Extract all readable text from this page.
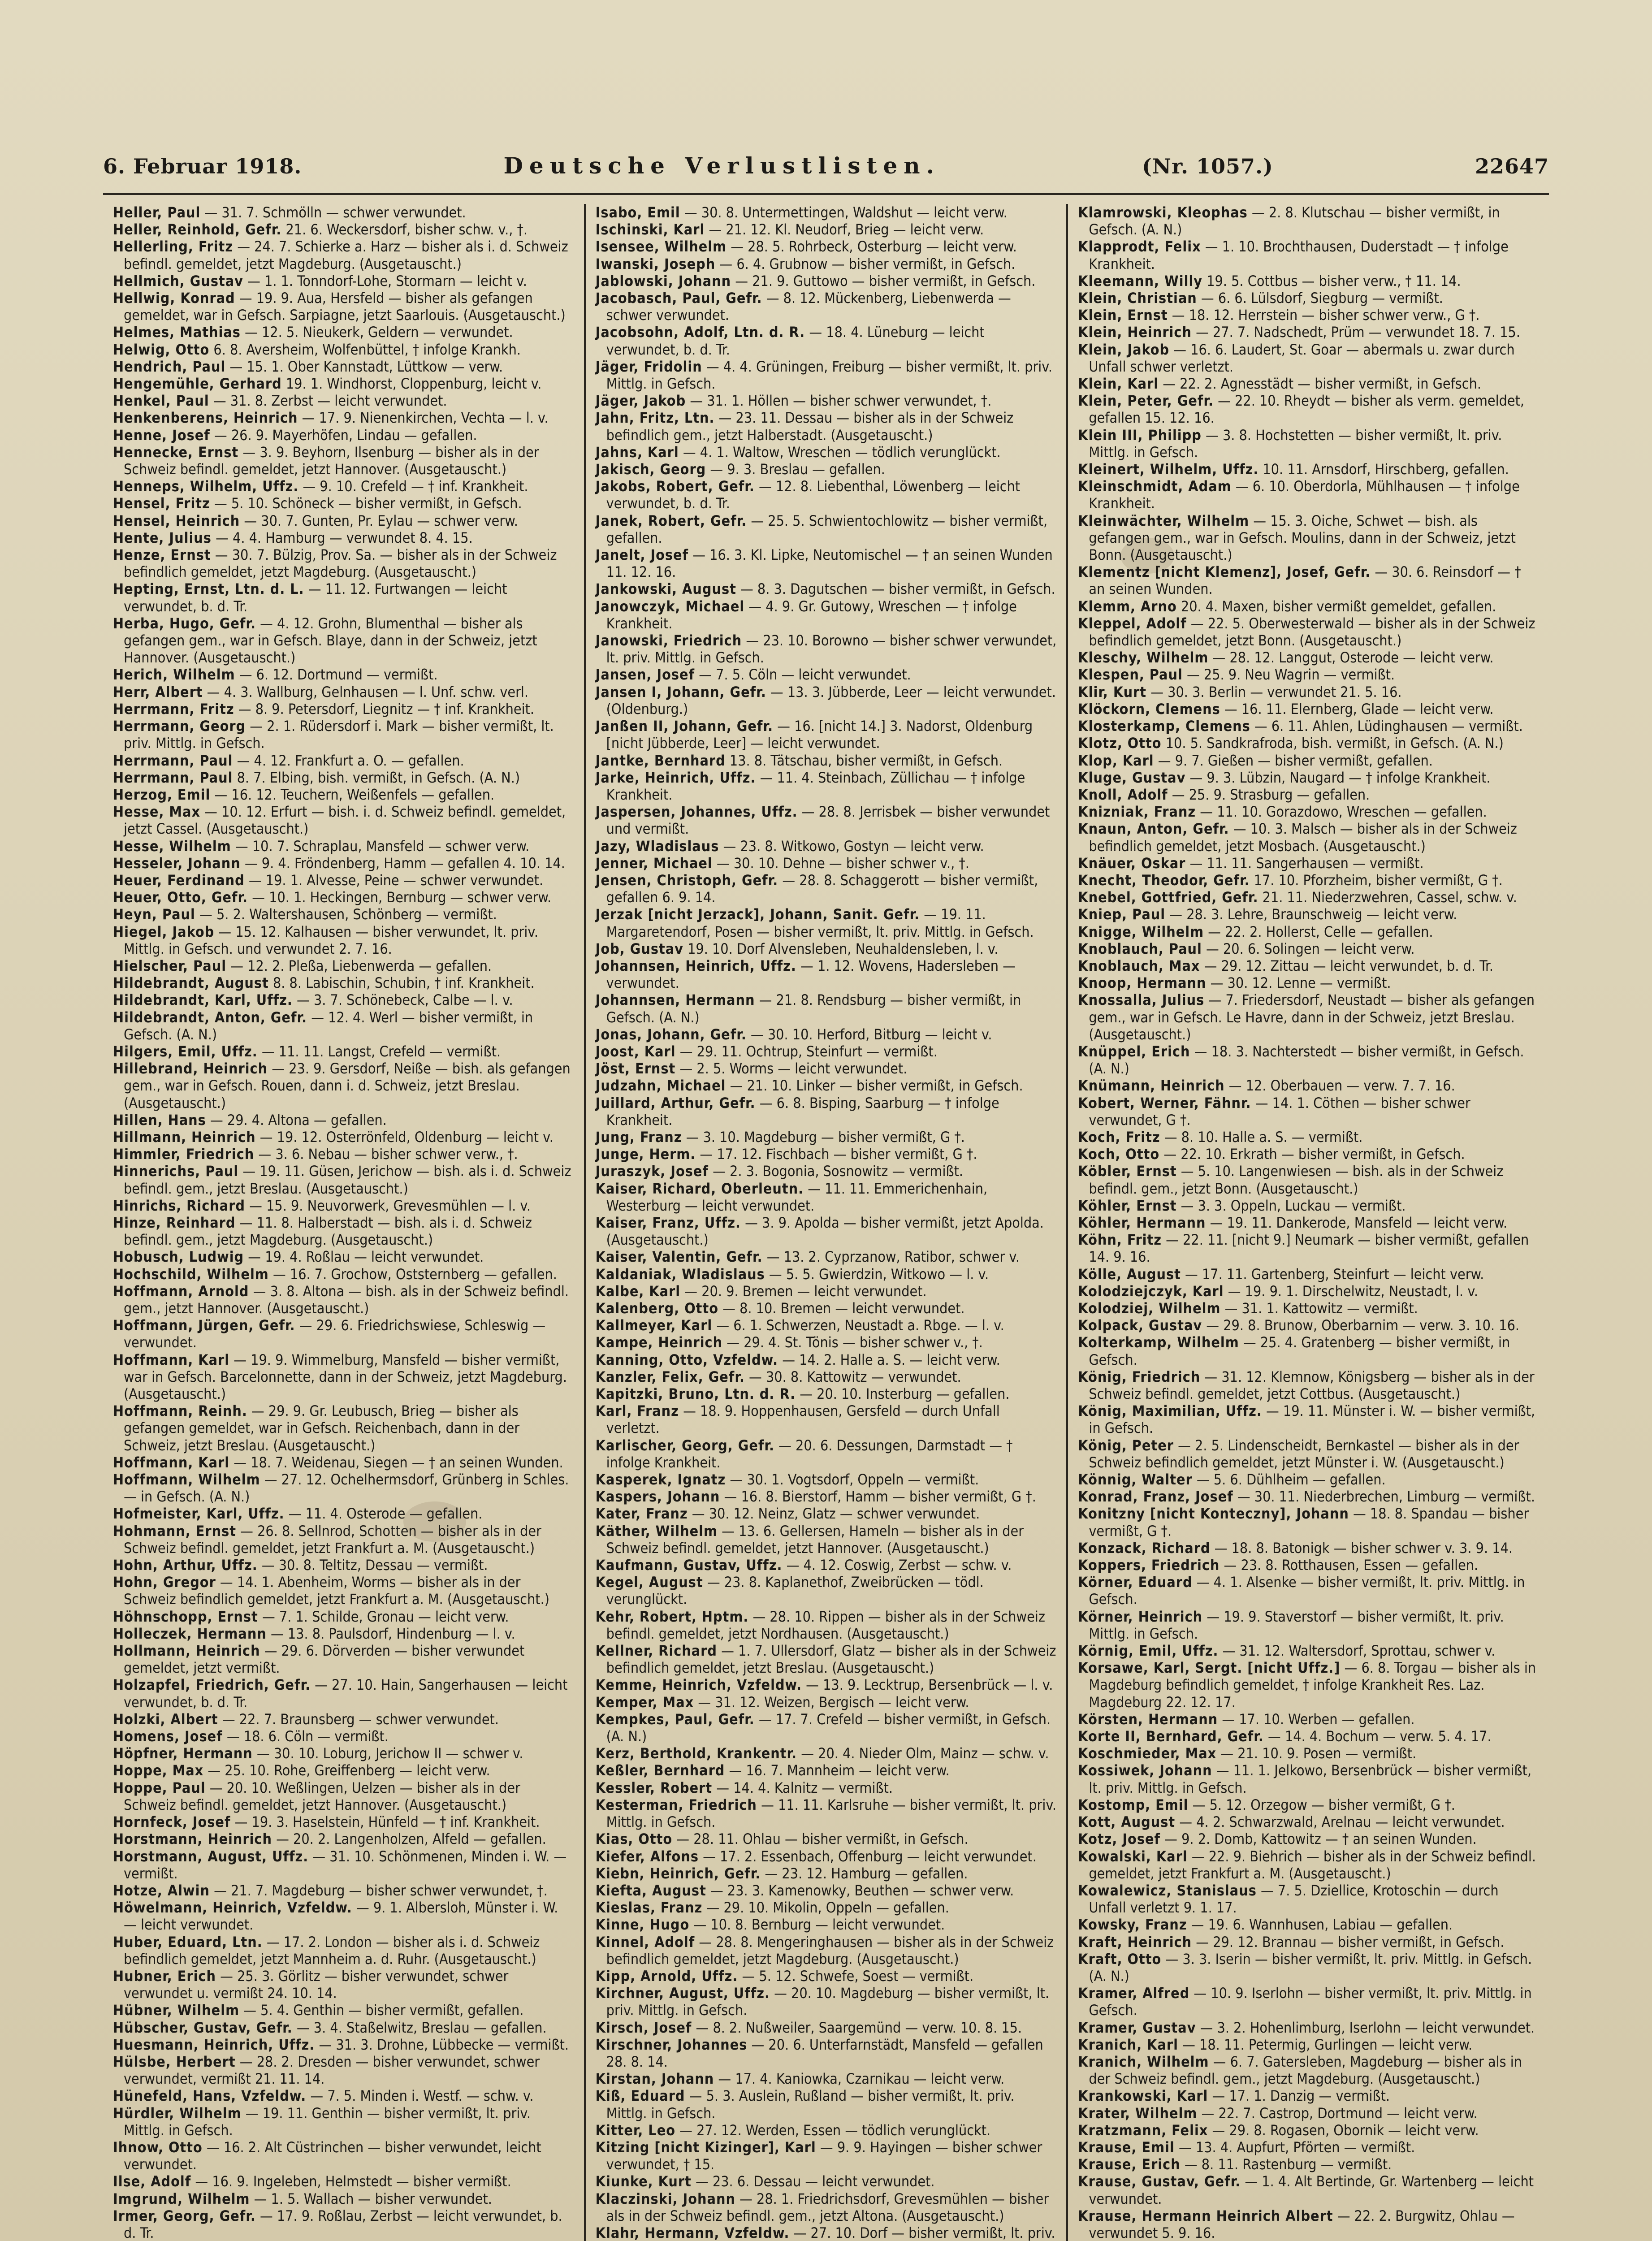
6. Februar 1918.	Deutsche Verlustlisten.	(Nr. 1057.)	22647

Heller, Paul — 31. 7. Schmölln — schwer verwundet.

Heller, Reinhold, Gefr. 21. 6. Weckersdorf, bisher schw. v., †.

Hellerling, Fritz — 24. 7. Schierke a. Harz — bisher als i. d. Schweiz befindl. gemeldet, jetzt Magdeburg. (Ausgetauscht.)

Hellmich, Gustav — 1. 1. Tonndorf-Lohe, Stormarn — leicht v.

Hellwig, Konrad — 19. 9. Aua, Hersfeld — bisher als gefangen gemeldet, war in Gefsch. Sarpiagne, jetzt Saarlouis. (Ausgetauscht.)

Helmes, Mathias — 12. 5. Nieukerk, Geldern — verwundet.

Helwig, Otto 6. 8. Aversheim, Wolfenbüttel, † infolge Krankh.

Hendrich, Paul — 15. 1. Ober Kannstadt, Lüttkow — verw.

Hengemühle, Gerhard 19. 1. Windhorst, Cloppenburg, leicht v.

Henkel, Paul — 31. 8. Zerbst — leicht verwundet.

Henkenberens, Heinrich — 17. 9. Nienenkirchen, Vechta — l. v.

Henne, Josef — 26. 9. Mayerhöfen, Lindau — gefallen.

Hennecke, Ernst — 3. 9. Beyhorn, Ilsenburg — bisher als in der Schweiz befindl. gemeldet, jetzt Hannover. (Ausgetauscht.)

Henneps, Wilhelm, Uffz. — 9. 10. Crefeld — † inf. Krankheit.

Hensel, Fritz — 5. 10. Schöneck — bisher vermißt, in Gefsch.

Hensel, Heinrich — 30. 7. Gunten, Pr. Eylau — schwer verw.

Hente, Julius — 4. 4. Hamburg — verwundet 8. 4. 15.

Henze, Ernst — 30. 7. Bülzig, Prov. Sa. — bisher als in der Schweiz befindlich gemeldet, jetzt Magdeburg. (Ausgetauscht.)

Hepting, Ernst, Ltn. d. L. — 11. 12. Furtwangen — leicht verwundet, b. d. Tr.

Herba, Hugo, Gefr. — 4. 12. Grohn, Blumenthal — bisher als gefangen gem., war in Gefsch. Blaye, dann in der Schweiz, jetzt Hannover. (Ausgetauscht.)

Herich, Wilhelm — 6. 12. Dortmund — vermißt.

Herr, Albert — 4. 3. Wallburg, Gelnhausen — l. Unf. schw. verl.

Herrmann, Fritz — 8. 9. Petersdorf, Liegnitz — † inf. Krankheit.

Herrmann, Georg — 2. 1. Rüdersdorf i. Mark — bisher vermißt, lt. priv. Mittlg. in Gefsch.

Herrmann, Paul — 4. 12. Frankfurt a. O. — gefallen.

Herrmann, Paul 8. 7. Elbing, bish. vermißt, in Gefsch. (A. N.)

Herzog, Emil — 16. 12. Teuchern, Weißenfels — gefallen.

Hesse, Max — 10. 12. Erfurt — bish. i. d. Schweiz befindl. gemeldet, jetzt Cassel. (Ausgetauscht.)

Hesse, Wilhelm — 10. 7. Schraplau, Mansfeld — schwer verw.

Hesseler, Johann — 9. 4. Fröndenberg, Hamm — gefallen 4. 10. 14.

Heuer, Ferdinand — 19. 1. Alvesse, Peine — schwer verwundet.

Heuer, Otto, Gefr. — 10. 1. Heckingen, Bernburg — schwer verw.

Heyn, Paul — 5. 2. Waltershausen, Schönberg — vermißt.

Hiegel, Jakob — 15. 12. Kalhausen — bisher verwundet, lt. priv. Mittlg. in Gefsch. und verwundet 2. 7. 16.

Hielscher, Paul — 12. 2. Pleßa, Liebenwerda — gefallen.

Hildebrandt, August 8. 8. Labischin, Schubin, † inf. Krankheit.

Hildebrandt, Karl, Uffz. — 3. 7. Schönebeck, Calbe — l. v.

Hildebrandt, Anton, Gefr. — 12. 4. Werl — bisher vermißt, in Gefsch. (A. N.)

Hilgers, Emil, Uffz. — 11. 11. Langst, Crefeld — vermißt.

Hillebrand, Heinrich — 23. 9. Gersdorf, Neiße — bish. als gefangen gem., war in Gefsch. Rouen, dann i. d. Schweiz, jetzt Breslau. (Ausgetauscht.)

Hillen, Hans — 29. 4. Altona — gefallen.

Hillmann, Heinrich — 19. 12. Osterrönfeld, Oldenburg — leicht v.

Himmler, Friedrich — 3. 6. Nebau — bisher schwer verw., †.

Hinnerichs, Paul — 19. 11. Güsen, Jerichow — bish. als i. d. Schweiz befindl. gem., jetzt Breslau. (Ausgetauscht.)

Hinrichs, Richard — 15. 9. Neuvorwerk, Grevesmühlen — l. v.

Hinze, Reinhard — 11. 8. Halberstadt — bish. als i. d. Schweiz befindl. gem., jetzt Magdeburg. (Ausgetauscht.)

Hobusch, Ludwig — 19. 4. Roßlau — leicht verwundet.

Hochschild, Wilhelm — 16. 7. Grochow, Oststernberg — gefallen.

Hoffmann, Arnold — 3. 8. Altona — bish. als in der Schweiz befindl. gem., jetzt Hannover. (Ausgetauscht.)

Hoffmann, Jürgen, Gefr. — 29. 6. Friedrichswiese, Schleswig — verwundet.

Hoffmann, Karl — 19. 9. Wimmelburg, Mansfeld — bisher vermißt, war in Gefsch. Barcelonnette, dann in der Schweiz, jetzt Magdeburg. (Ausgetauscht.)

Hoffmann, Reinh. — 29. 9. Gr. Leubusch, Brieg — bisher als gefangen gemeldet, war in Gefsch. Reichenbach, dann in der Schweiz, jetzt Breslau. (Ausgetauscht.)

Hoffmann, Karl — 18. 7. Weidenau, Siegen — † an seinen Wunden.

Hoffmann, Wilhelm — 27. 12. Ochelhermsdorf, Grünberg in Schles. — in Gefsch. (A. N.)

Hofmeister, Karl, Uffz. — 11. 4. Osterode — gefallen.

Hohmann, Ernst — 26. 8. Sellnrod, Schotten — bisher als in der Schweiz befindl. gemeldet, jetzt Frankfurt a. M. (Ausgetauscht.)

Hohn, Arthur, Uffz. — 30. 8. Teltitz, Dessau — vermißt.

Hohn, Gregor — 14. 1. Abenheim, Worms — bisher als in der Schweiz befindlich gemeldet, jetzt Frankfurt a. M. (Ausgetauscht.)

Höhnschopp, Ernst — 7. 1. Schilde, Gronau — leicht verw.

Holleczek, Hermann — 13. 8. Paulsdorf, Hindenburg — l. v.

Hollmann, Heinrich — 29. 6. Dörverden — bisher verwundet gemeldet, jetzt vermißt.

Holzapfel, Friedrich, Gefr. — 27. 10. Hain, Sangerhausen — leicht verwundet, b. d. Tr.

Holzki, Albert — 22. 7. Braunsberg — schwer verwundet.

Homens, Josef — 18. 6. Cöln — vermißt.

Höpfner, Hermann — 30. 10. Loburg, Jerichow II — schwer v.

Hoppe, Max — 25. 10. Rohe, Greiffenberg — leicht verw.

Hoppe, Paul — 20. 10. Weßlingen, Uelzen — bisher als in der Schweiz befindl. gemeldet, jetzt Hannover. (Ausgetauscht.)

Hornfeck, Josef — 19. 3. Haselstein, Hünfeld — † inf. Krankheit.

Horstmann, Heinrich — 20. 2. Langenholzen, Alfeld — gefallen.

Horstmann, August, Uffz. — 31. 10. Schönmenen, Minden i. W. — vermißt.

Hotze, Alwin — 21. 7. Magdeburg — bisher schwer verwundet, †.

Höwelmann, Heinrich, Vzfeldw. — 9. 1. Albersloh, Münster i. W. — leicht verwundet.

Huber, Eduard, Ltn. — 17. 2. London — bisher als i. d. Schweiz befindlich gemeldet, jetzt Mannheim a. d. Ruhr. (Ausgetauscht.)

Hubner, Erich — 25. 3. Görlitz — bisher verwundet, schwer verwundet u. vermißt 24. 10. 14.

Hübner, Wilhelm — 5. 4. Genthin — bisher vermißt, gefallen.

Hübscher, Gustav, Gefr. — 3. 4. Staßelwitz, Breslau — gefallen.

Huesmann, Heinrich, Uffz. — 31. 3. Drohne, Lübbecke — vermißt.

Hülsbe, Herbert — 28. 2. Dresden — bisher verwundet, schwer verwundet, vermißt 21. 11. 14.

Hünefeld, Hans, Vzfeldw. — 7. 5. Minden i. Westf. — schw. v.

Hürdler, Wilhelm — 19. 11. Genthin — bisher vermißt, lt. priv. Mittlg. in Gefsch.

Ihnow, Otto — 16. 2. Alt Cüstrinchen — bisher verwundet, leicht verwundet.

Ilse, Adolf — 16. 9. Ingeleben, Helmstedt — bisher vermißt.

Imgrund, Wilhelm — 1. 5. Wallach — bisher verwundet.

Irmer, Georg, Gefr. — 17. 9. Roßlau, Zerbst — leicht verwundet, b. d. Tr.

Isabo, Emil — 30. 8. Untermettingen, Waldshut — leicht verw.

Ischinski, Karl — 21. 12. Kl. Neudorf, Brieg — leicht verw.

Isensee, Wilhelm — 28. 5. Rohrbeck, Osterburg — leicht verw.

Iwanski, Joseph — 6. 4. Grubnow — bisher vermißt, in Gefsch.

Jablowski, Johann — 21. 9. Guttowo — bisher vermißt, in Gefsch.

Jacobasch, Paul, Gefr. — 8. 12. Mückenberg, Liebenwerda — schwer verwundet.

Jacobsohn, Adolf, Ltn. d. R. — 18. 4. Lüneburg — leicht verwundet, b. d. Tr.

Jäger, Fridolin — 4. 4. Grüningen, Freiburg — bisher vermißt, lt. priv. Mittlg. in Gefsch.

Jäger, Jakob — 31. 1. Höllen — bisher schwer verwundet, †.

Jahn, Fritz, Ltn. — 23. 11. Dessau — bisher als in der Schweiz befindlich gem., jetzt Halberstadt. (Ausgetauscht.)

Jahns, Karl — 4. 1. Waltow, Wreschen — tödlich verunglückt.

Jakisch, Georg — 9. 3. Breslau — gefallen.

Jakobs, Robert, Gefr. — 12. 8. Liebenthal, Löwenberg — leicht verwundet, b. d. Tr.

Janek, Robert, Gefr. — 25. 5. Schwientochlowitz — bisher vermißt, gefallen.

Janelt, Josef — 16. 3. Kl. Lipke, Neutomischel — † an seinen Wunden 11. 12. 16.

Jankowski, August — 8. 3. Dagutschen — bisher vermißt, in Gefsch.

Janowczyk, Michael — 4. 9. Gr. Gutowy, Wreschen — † infolge Krankheit.

Janowski, Friedrich — 23. 10. Borowno — bisher schwer verwundet, lt. priv. Mittlg. in Gefsch.

Jansen, Josef — 7. 5. Cöln — leicht verwundet.

Jansen I, Johann, Gefr. — 13. 3. Jübberde, Leer — leicht verwundet. (Oldenburg.)

Janßen II, Johann, Gefr. — 16. [nicht 14.] 3. Nadorst, Oldenburg [nicht Jübberde, Leer] — leicht verwundet.

Jantke, Bernhard 13. 8. Tätschau, bisher vermißt, in Gefsch.

Jarke, Heinrich, Uffz. — 11. 4. Steinbach, Züllichau — † infolge Krankheit.

Jaspersen, Johannes, Uffz. — 28. 8. Jerrisbek — bisher verwundet und vermißt.

Jazy, Wladislaus — 23. 8. Witkowo, Gostyn — leicht verw.

Jenner, Michael — 30. 10. Dehne — bisher schwer v., †.

Jensen, Christoph, Gefr. — 28. 8. Schaggerott — bisher vermißt, gefallen 6. 9. 14.

Jerzak [nicht Jerzack], Johann, Sanit. Gefr. — 19. 11. Margaretendorf, Posen — bisher vermißt, lt. priv. Mittlg. in Gefsch.

Job, Gustav 19. 10. Dorf Alvensleben, Neuhaldensleben, l. v.

Johannsen, Heinrich, Uffz. — 1. 12. Wovens, Hadersleben — verwundet.

Johannsen, Hermann — 21. 8. Rendsburg — bisher vermißt, in Gefsch. (A. N.)

Jonas, Johann, Gefr. — 30. 10. Herford, Bitburg — leicht v.

Joost, Karl — 29. 11. Ochtrup, Steinfurt — vermißt.

Jöst, Ernst — 2. 5. Worms — leicht verwundet.

Judzahn, Michael — 21. 10. Linker — bisher vermißt, in Gefsch.

Juillard, Arthur, Gefr. — 6. 8. Bisping, Saarburg — † infolge Krankheit.

Jung, Franz — 3. 10. Magdeburg — bisher vermißt, G †.

Junge, Herm. — 17. 12. Fischbach — bisher vermißt, G †.

Juraszyk, Josef — 2. 3. Bogonia, Sosnowitz — vermißt.

Kaiser, Richard, Oberleutn. — 11. 11. Emmerichenhain, Westerburg — leicht verwundet.

Kaiser, Franz, Uffz. — 3. 9. Apolda — bisher vermißt, jetzt Apolda. (Ausgetauscht.)

Kaiser, Valentin, Gefr. — 13. 2. Cyprzanow, Ratibor, schwer v.

Kaldaniak, Wladislaus — 5. 5. Gwierdzin, Witkowo — l. v.

Kalbe, Karl — 20. 9. Bremen — leicht verwundet.

Kalenberg, Otto — 8. 10. Bremen — leicht verwundet.

Kallmeyer, Karl — 6. 1. Schwerzen, Neustadt a. Rbge. — l. v.

Kampe, Heinrich — 29. 4. St. Tönis — bisher schwer v., †.

Kanning, Otto, Vzfeldw. — 14. 2. Halle a. S. — leicht verw.

Kanzler, Felix, Gefr. — 30. 8. Kattowitz — verwundet.

Kapitzki, Bruno, Ltn. d. R. — 20. 10. Insterburg — gefallen.

Karl, Franz — 18. 9. Hoppenhausen, Gersfeld — durch Unfall verletzt.

Karlischer, Georg, Gefr. — 20. 6. Dessungen, Darmstadt — † infolge Krankheit.

Kasperek, Ignatz — 30. 1. Vogtsdorf, Oppeln — vermißt.

Kaspers, Johann — 16. 8. Bierstorf, Hamm — bisher vermißt, G †.

Kater, Franz — 30. 12. Neinz, Glatz — schwer verwundet.

Käther, Wilhelm — 13. 6. Gellersen, Hameln — bisher als in der Schweiz befindl. gemeldet, jetzt Hannover. (Ausgetauscht.)

Kaufmann, Gustav, Uffz. — 4. 12. Coswig, Zerbst — schw. v.

Kegel, August — 23. 8. Kaplanethof, Zweibrücken — tödl. verunglückt.

Kehr, Robert, Hptm. — 28. 10. Rippen — bisher als in der Schweiz befindl. gemeldet, jetzt Nordhausen. (Ausgetauscht.)

Kellner, Richard — 1. 7. Ullersdorf, Glatz — bisher als in der Schweiz befindlich gemeldet, jetzt Breslau. (Ausgetauscht.)

Kemme, Heinrich, Vzfeldw. — 13. 9. Lecktrup, Bersenbrück — l. v.

Kemper, Max — 31. 12. Weizen, Bergisch — leicht verw.

Kempkes, Paul, Gefr. — 17. 7. Crefeld — bisher vermißt, in Gefsch. (A. N.)

Kerz, Berthold, Krankentr. — 20. 4. Nieder Olm, Mainz — schw. v.

Keßler, Bernhard — 16. 7. Mannheim — leicht verw.

Kessler, Robert — 14. 4. Kalnitz — vermißt.

Kesterman, Friedrich — 11. 11. Karlsruhe — bisher vermißt, lt. priv. Mittlg. in Gefsch.

Kias, Otto — 28. 11. Ohlau — bisher vermißt, in Gefsch.

Kiefer, Alfons — 17. 2. Essenbach, Offenburg — leicht verwundet.

Kiebn, Heinrich, Gefr. — 23. 12. Hamburg — gefallen.

Kiefta, August — 23. 3. Kamenowky, Beuthen — schwer verw.

Kieslas, Franz — 29. 10. Mikolin, Oppeln — gefallen.

Kinne, Hugo — 10. 8. Bernburg — leicht verwundet.

Kinnel, Adolf — 28. 8. Mengeringhausen — bisher als in der Schweiz befindlich gemeldet, jetzt Magdeburg. (Ausgetauscht.)

Kipp, Arnold, Uffz. — 5. 12. Schwefe, Soest — vermißt.

Kirchner, August, Uffz. — 20. 10. Magdeburg — bisher vermißt, lt. priv. Mittlg. in Gefsch.

Kirsch, Josef — 8. 2. Nußweiler, Saargemünd — verw. 10. 8. 15.

Kirschner, Johannes — 20. 6. Unterfarnstädt, Mansfeld — gefallen 28. 8. 14.

Kirstan, Johann — 17. 4. Kaniowka, Czarnikau — leicht verw.

Kiß, Eduard — 5. 3. Auslein, Rußland — bisher vermißt, lt. priv. Mittlg. in Gefsch.

Kitter, Leo — 27. 12. Werden, Essen — tödlich verunglückt.

Kitzing [nicht Kizinger], Karl — 9. 9. Hayingen — bisher schwer verwundet, † 15.

Kiunke, Kurt — 23. 6. Dessau — leicht verwundet.

Klaczinski, Johann — 28. 1. Friedrichsdorf, Grevesmühlen — bisher als in der Schweiz befindl. gem., jetzt Altona. (Ausgetauscht.)

Klahr, Hermann, Vzfeldw. — 27. 10. Dorf — bisher vermißt, lt. priv.

Klamrowski, Kleophas — 2. 8. Klutschau — bisher vermißt, in Gefsch. (A. N.)

Klapprodt, Felix — 1. 10. Brochthausen, Duderstadt — † infolge Krankheit.

Kleemann, Willy 19. 5. Cottbus — bisher verw., † 11. 14.

Klein, Christian — 6. 6. Lülsdorf, Siegburg — vermißt.

Klein, Ernst — 18. 12. Herrstein — bisher schwer verw., G †.

Klein, Heinrich — 27. 7. Nadschedt, Prüm — verwundet 18. 7. 15.

Klein, Jakob — 16. 6. Laudert, St. Goar — abermals u. zwar durch Unfall schwer verletzt.

Klein, Karl — 22. 2. Agnesstädt — bisher vermißt, in Gefsch.

Klein, Peter, Gefr. — 22. 10. Rheydt — bisher als verm. gemeldet, gefallen 15. 12. 16.

Klein III, Philipp — 3. 8. Hochstetten — bisher vermißt, lt. priv. Mittlg. in Gefsch.

Kleinert, Wilhelm, Uffz. 10. 11. Arnsdorf, Hirschberg, gefallen.

Kleinschmidt, Adam — 6. 10. Oberdorla, Mühlhausen — † infolge Krankheit.

Kleinwächter, Wilhelm — 15. 3. Oiche, Schwet — bish. als gefangen gem., war in Gefsch. Moulins, dann in der Schweiz, jetzt Bonn. (Ausgetauscht.)

Klementz [nicht Klemenz], Josef, Gefr. — 30. 6. Reinsdorf — † an seinen Wunden.

Klemm, Arno 20. 4. Maxen, bisher vermißt gemeldet, gefallen.

Kleppel, Adolf — 22. 5. Oberwesterwald — bisher als in der Schweiz befindlich gemeldet, jetzt Bonn. (Ausgetauscht.)

Kleschy, Wilhelm — 28. 12. Langgut, Osterode — leicht verw.

Klespen, Paul — 25. 9. Neu Wagrin — vermißt.

Klir, Kurt — 30. 3. Berlin — verwundet 21. 5. 16.

Klöckorn, Clemens — 16. 11. Elernberg, Glade — leicht verw.

Klosterkamp, Clemens — 6. 11. Ahlen, Lüdinghausen — vermißt.

Klotz, Otto 10. 5. Sandkrafroda, bish. vermißt, in Gefsch. (A. N.)

Klop, Karl — 9. 7. Gießen — bisher vermißt, gefallen.

Kluge, Gustav — 9. 3. Lübzin, Naugard — † infolge Krankheit.

Knoll, Adolf — 25. 9. Strasburg — gefallen.

Knizniak, Franz — 11. 10. Gorazdowo, Wreschen — gefallen.

Knaun, Anton, Gefr. — 10. 3. Malsch — bisher als in der Schweiz befindlich gemeldet, jetzt Mosbach. (Ausgetauscht.)

Knäuer, Oskar — 11. 11. Sangerhausen — vermißt.

Knecht, Theodor, Gefr. 17. 10. Pforzheim, bisher vermißt, G †.

Knebel, Gottfried, Gefr. 21. 11. Niederzwehren, Cassel, schw. v.

Kniep, Paul — 28. 3. Lehre, Braunschweig — leicht verw.

Knigge, Wilhelm — 22. 2. Hollerst, Celle — gefallen.

Knoblauch, Paul — 20. 6. Solingen — leicht verw.

Knoblauch, Max — 29. 12. Zittau — leicht verwundet, b. d. Tr.

Knoop, Hermann — 30. 12. Lenne — vermißt.

Knossalla, Julius — 7. Friedersdorf, Neustadt — bisher als gefangen gem., war in Gefsch. Le Havre, dann in der Schweiz, jetzt Breslau. (Ausgetauscht.)

Knüppel, Erich — 18. 3. Nachterstedt — bisher vermißt, in Gefsch. (A. N.)

Knümann, Heinrich — 12. Oberbauen — verw. 7. 7. 16.

Kobert, Werner, Fähnr. — 14. 1. Cöthen — bisher schwer verwundet, G †.

Koch, Fritz — 8. 10. Halle a. S. — vermißt.

Koch, Otto — 22. 10. Erkrath — bisher vermißt, in Gefsch.

Köbler, Ernst — 5. 10. Langenwiesen — bish. als in der Schweiz befindl. gem., jetzt Bonn. (Ausgetauscht.)

Köhler, Ernst — 3. 3. Oppeln, Luckau — vermißt.

Köhler, Hermann — 19. 11. Dankerode, Mansfeld — leicht verw.

Köhn, Fritz — 22. 11. [nicht 9.] Neumark — bisher vermißt, gefallen 14. 9. 16.

Kölle, August — 17. 11. Gartenberg, Steinfurt — leicht verw.

Kolodziejczyk, Karl — 19. 9. 1. Dirschelwitz, Neustadt, l. v.

Kolodziej, Wilhelm — 31. 1. Kattowitz — vermißt.

Kolpack, Gustav — 29. 8. Brunow, Oberbarnim — verw. 3. 10. 16.

Kolterkamp, Wilhelm — 25. 4. Gratenberg — bisher vermißt, in Gefsch.

König, Friedrich — 31. 12. Klemnow, Königsberg — bisher als in der Schweiz befindl. gemeldet, jetzt Cottbus. (Ausgetauscht.)

König, Maximilian, Uffz. — 19. 11. Münster i. W. — bisher vermißt, in Gefsch.

König, Peter — 2. 5. Lindenscheidt, Bernkastel — bisher als in der Schweiz befindlich gemeldet, jetzt Münster i. W. (Ausgetauscht.)

Könnig, Walter — 5. 6. Dühlheim — gefallen.

Konrad, Franz, Josef — 30. 11. Niederbrechen, Limburg — vermißt.

Konitzny [nicht Konteczny], Johann — 18. 8. Spandau — bisher vermißt, G †.

Konzack, Richard — 18. 8. Batonigk — bisher schwer v. 3. 9. 14.

Koppers, Friedrich — 23. 8. Rotthausen, Essen — gefallen.

Körner, Eduard — 4. 1. Alsenke — bisher vermißt, lt. priv. Mittlg. in Gefsch.

Körner, Heinrich — 19. 9. Staverstorf — bisher vermißt, lt. priv. Mittlg. in Gefsch.

Körnig, Emil, Uffz. — 31. 12. Waltersdorf, Sprottau, schwer v.

Korsawe, Karl, Sergt. [nicht Uffz.] — 6. 8. Torgau — bisher als in Magdeburg befindlich gemeldet, † infolge Krankheit Res. Laz. Magdeburg 22. 12. 17.

Körsten, Hermann — 17. 10. Werben — gefallen.

Korte II, Bernhard, Gefr. — 14. 4. Bochum — verw. 5. 4. 17.

Koschmieder, Max — 21. 10. 9. Posen — vermißt.

Kossiwek, Johann — 11. 1. Jelkowo, Bersenbrück — bisher vermißt, lt. priv. Mittlg. in Gefsch.

Kostomp, Emil — 5. 12. Orzegow — bisher vermißt, G †.

Kott, August — 4. 2. Schwarzwald, Arelnau — leicht verwundet.

Kotz, Josef — 9. 2. Domb, Kattowitz — † an seinen Wunden.

Kowalski, Karl — 22. 9. Biehrich — bisher als in der Schweiz befindl. gemeldet, jetzt Frankfurt a. M. (Ausgetauscht.)

Kowalewicz, Stanislaus — 7. 5. Dziellice, Krotoschin — durch Unfall verletzt 9. 1. 17.

Kowsky, Franz — 19. 6. Wannhusen, Labiau — gefallen.

Kraft, Heinrich — 29. 12. Brannau — bisher vermißt, in Gefsch.

Kraft, Otto — 3. 3. Iserin — bisher vermißt, lt. priv. Mittlg. in Gefsch. (A. N.)

Kramer, Alfred — 10. 9. Iserlohn — bisher vermißt, lt. priv. Mittlg. in Gefsch.

Kramer, Gustav — 3. 2. Hohenlimburg, Iserlohn — leicht verwundet.

Kranich, Karl — 18. 11. Petermig, Gurlingen — leicht verw.

Kranich, Wilhelm — 6. 7. Gatersleben, Magdeburg — bisher als in der Schweiz befindl. gem., jetzt Magdeburg. (Ausgetauscht.)

Krankowski, Karl — 17. 1. Danzig — vermißt.

Krater, Wilhelm — 22. 7. Castrop, Dortmund — leicht verw.

Kratzmann, Felix — 29. 8. Rogasen, Obornik — leicht verw.

Krause, Emil — 13. 4. Aupfurt, Pförten — vermißt.

Krause, Erich — 8. 11. Rastenburg — vermißt.

Krause, Gustav, Gefr. — 1. 4. Alt Bertinde, Gr. Wartenberg — leicht verwundet.

Krause, Hermann Heinrich Albert — 22. 2. Burgwitz, Ohlau — verwundet 5. 9. 16.
